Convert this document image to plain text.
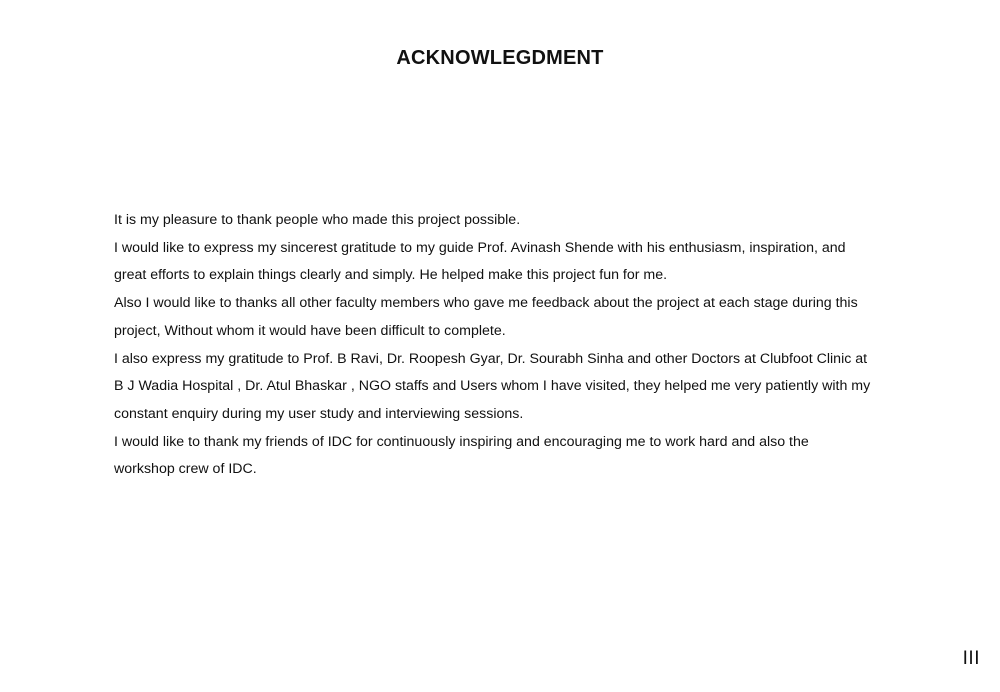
ACKNOWLEGDMENT
It is my pleasure to thank people who made this project possible.
I would like to express my sincerest gratitude to my guide Prof. Avinash Shende with his enthusiasm, inspiration, and
great efforts to explain things clearly and simply. He helped make this project fun for me.
Also I would like to thanks all other faculty members who gave me feedback about the project at each stage during this
project, Without whom it would have been difficult to complete.
I also express my gratitude to Prof. B Ravi, Dr. Roopesh Gyar, Dr. Sourabh Sinha and other Doctors at Clubfoot Clinic at
B J Wadia Hospital , Dr. Atul Bhaskar , NGO staffs and Users whom I have visited, they helped me very patiently with my
constant enquiry during my user study and interviewing sessions.
I would like to thank my friends of IDC for continuously inspiring and encouraging me to work hard and also the
workshop crew of IDC.
III
